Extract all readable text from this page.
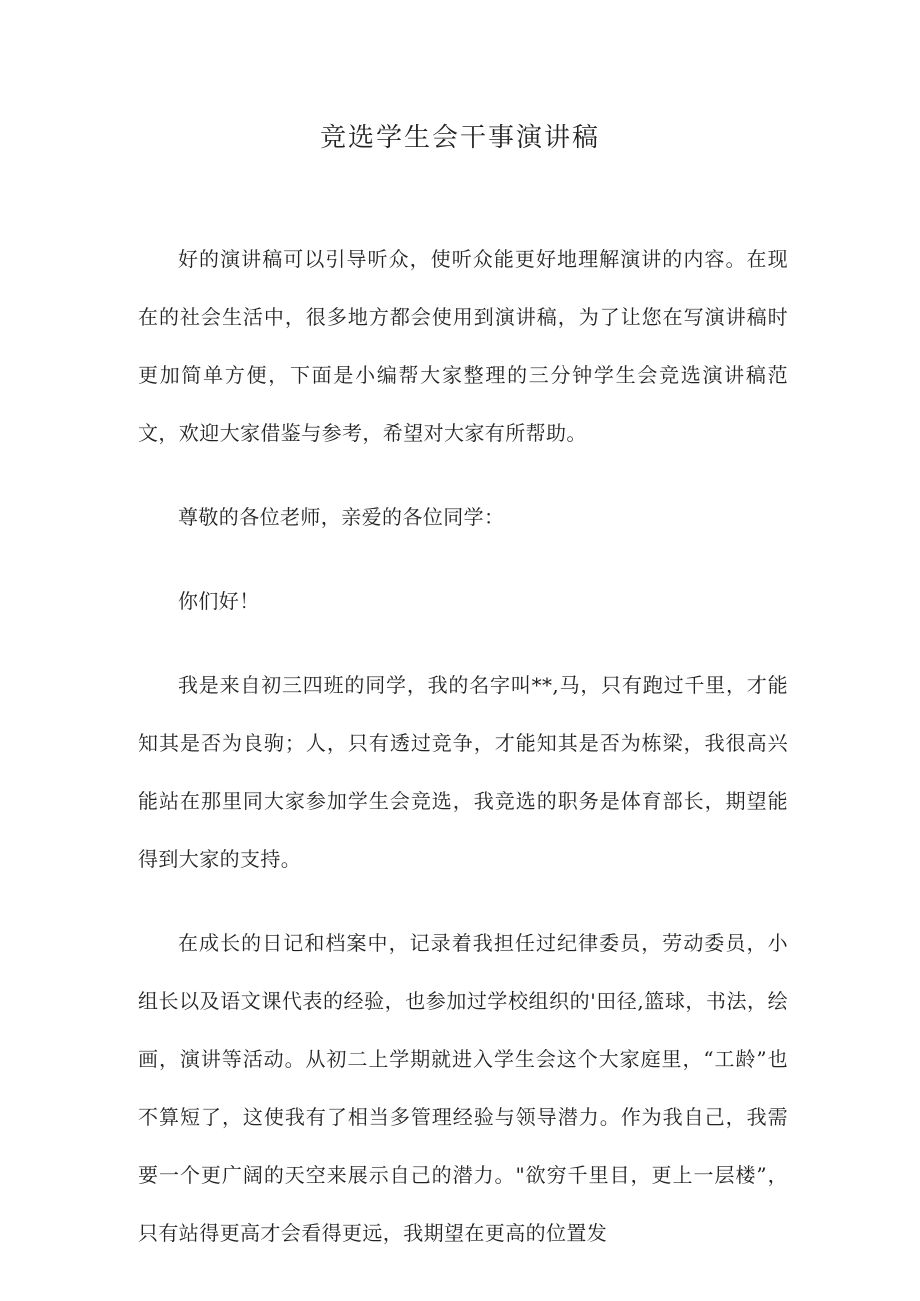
竞选学生会干事演讲稿

好的演讲稿可以引导听众，使听众能更好地理解演讲的内容。在现在的社会生活中，很多地方都会使用到演讲稿，为了让您在写演讲稿时更加简单方便，下面是小编帮大家整理的三分钟学生会竞选演讲稿范文，欢迎大家借鉴与参考，希望对大家有所帮助。

尊敬的各位老师，亲爱的各位同学：

你们好！

我是来自初三四班的同学，我的名字叫**,马，只有跑过千里，才能知其是否为良驹；人，只有透过竞争，才能知其是否为栋梁，我很高兴能站在那里同大家参加学生会竞选，我竞选的职务是体育部长，期望能得到大家的支持。

在成长的日记和档案中，记录着我担任过纪律委员，劳动委员，小组长以及语文课代表的经验，也参加过学校组织的'田径,篮球，书法，绘画，演讲等活动。从初二上学期就进入学生会这个大家庭里，“工龄”也不算短了，这使我有了相当多管理经验与领导潜力。作为我自己，我需要一个更广阔的天空来展示自己的潜力。"欲穷千里目，更上一层楼”，只有站得更高才会看得更远，我期望在更高的位置发
